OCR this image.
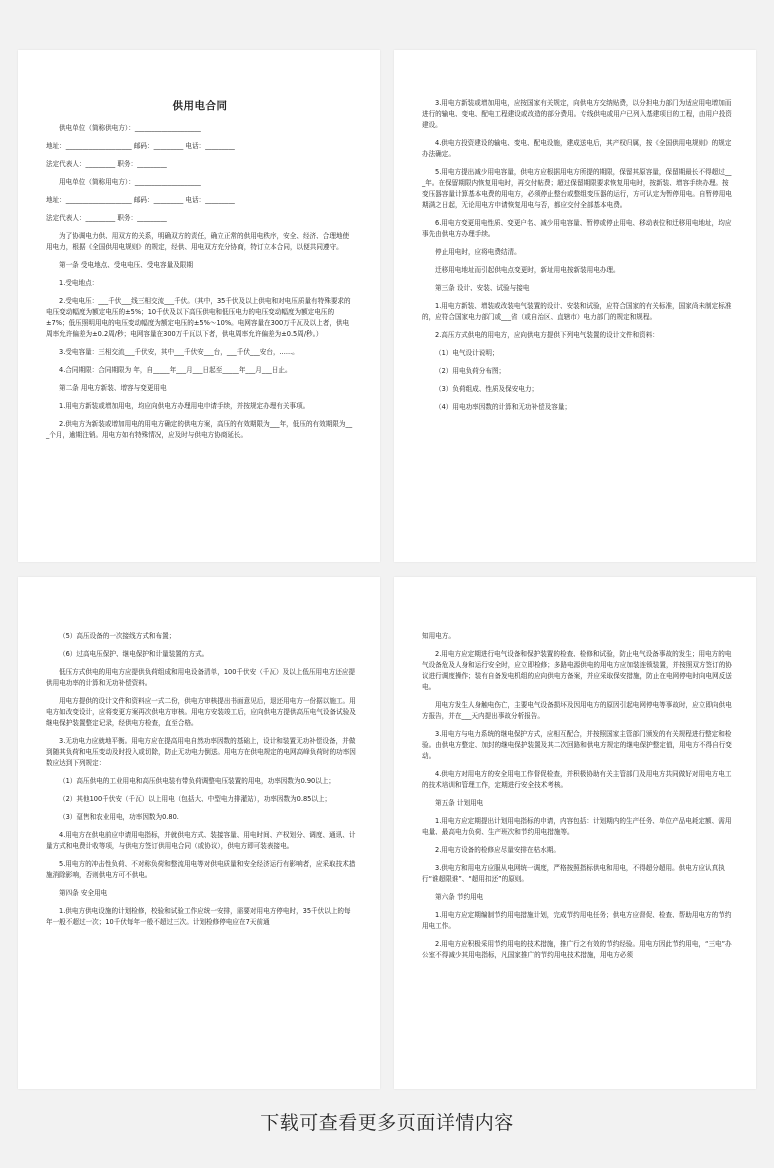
供用电合同

供电单位（简称供电方）：____________________

地址：____________________ 邮码：_________ 电话：_________

法定代表人：_________ 职务：_________

用电单位（简称用电方）：____________________

地址：____________________ 邮码：_________ 电话：_________

法定代表人：_________ 职务：_________

为了协调电力供、用双方的关系，明确双方的责任，确立正常的供用电秩序，安全、经济、合理地使用电力，根据《全国供用电规则》的规定，经供、用电双方充分协商，特订立本合同，以便共同遵守。

第一条 受电地点、受电电压、受电容量及限期

1.受电地点：

2.受电电压：___千伏___线三相交流___千伏。（其中，35千伏及以上供电和对电压质量有特殊要求的电压变动幅度为额定电压的±5%；10千伏及以下高压供电和低压电力的电压变动幅度为额定电压的±7%；低压照明用电的电压变动幅度为额定电压的±5%～10%。电网容量在300万千瓦及以上者，供电周率允许偏差为±0.2周/秒；电网容量在300万千瓦以下者，供电周率允许偏差为±0.5周/秒。）

3.受电容量：三相交流___千伏安，其中___千伏安___台，___千伏___安台，......。

4.合同期限：合同期限为 年，自_____年___月___日起至_____年___月___日止。

第二条 用电方新装、增容与变更用电

1.用电方新装或增加用电，均应向供电方办理用电申请手续，并按规定办理有关事项。

2.供电方为新装或增加用电的用电方确定的供电方案，高压的有效期限为___年，低压的有效期限为___个月，逾期注销。用电方如有特殊情况，应及时与供电方协商延长。

3.用电方新装或增加用电，应按国家有关规定，向供电方交纳贴费，以分担电力部门为适应用电增加而进行的输电、变电、配电工程建设或改造的部分费用。专线供电或用户已列入基建项目的工程，由用户投资建设。

4.供电方投资建设的输电、变电、配电设施，建成送电后，其产权归属，按《全国供用电规则》的规定办法确定。

5.用电方提出减少用电容量，供电方应根据用电方所提的期限，保留其原容量，保留期最长不得超过___年。在保留期限内恢复用电时，再交付帖费；超过保留期限要求恢复用电时，按新装、增容手续办理。按变压器容量计算基本电费的用电方，必须停止整台或整组变压器的运行，方可认定为暂停用电。自暂停用电期满之日起，无论用电方申请恢复用电与否，都应交付全部基本电费。

6.用电方变更用电性质、变更户名、减少用电容量、暂停或停止用电、移动表位和迁移用电地址，均应事先由供电方办理手续。

停止用电时，应将电费结清。

迁移用电地址而引起供电点变更时，新址用电按新装用电办理。

第三条 设计、安装、试验与接电

1.用电方新装、增装或改装电气装置的设计、安装和试验，应符合国家的有关标准，国家尚未制定标准的，应符合国家电力部门或___省（或自治区、直辖市）电力部门的规定和规程。

2.高压方式供电的用电方，应向供电方提供下列电气装置的设计文件和资料：

（1）电气设计说明；

（2）用电负荷分布图；

（3）负荷组成、性质及保安电力；

（4）用电功率因数的计算和无功补偿及容量；

（5）高压设备的一次接线方式和布置；

（6）过高电压保护、继电保护和计量装置的方式。

低压方式供电的用电方应提供负荷组成和用电设备清单，100千伏安（千瓦）及以上低压用电方还应提供用电功率的计算和无功补偿资料。

用电方提供的设计文件和资料应一式二份，供电方审核提出书面意见后，退还用电方一份据以施工。用电方如改变设计，应将变更方案再次供电方审核。用电方安装竣工后，应向供电方提供高压电气设备试验及继电保护装置整定记录，经供电方检查，直至合格。

3.无功电力应就地平衡。用电方应在提高用电自然功率因数的基础上，设计和装置无功补偿设备，并做到随其负荷和电压变动及时投入或切除，防止无功电力倒送。用电方在供电规定的电网高峰负荷时的功率因数应达到下列规定：

（1）高压供电的工业用电和高压供电装有带负荷调整电压装置的用电，功率因数为0.90以上；

（2）其他100千伏安（千瓦）以上用电（包括大、中型电力排灌站），功率因数为0.85以上；

（3）趸售和农业用电，功率因数为0.80.

4.用电方在供电前应申请用电指标，并就供电方式、装接容量、用电时间、产权划分、调度、通讯、计量方式和电费计收等项，与供电方签订供用电合同（或协议），供电方即可装表接电。

5.用电方的冲击性负荷、不对称负荷和整流用电等对供电质量和安全经济运行有影响者，应采取技术措施消除影响，否则供电方可不供电。

第四条 安全用电

1.供电方供电设施的计划检修，校验和试验工作应统一安排，需要对用电方停电时，35千伏以上的每年一般不超过一次；10千伏每年一般不超过三次。计划检修停电应在7天前通

知用电方。

2.用电方应定期进行电气设备和保护装置的检查、检修和试验，防止电气设备事故的发生；用电方的电气设备危及人身和运行安全时，应立即检修；多路电源供电的用电方应加装连锁装置，并按照双方签订的协议进行调度操作；装有自备发电机组的应向供电方备案，并应采取保安措施，防止在电网停电时向电网反送电。

用电方发生人身触电伤亡，主要电气设备损坏及因用电方的原因引起电网停电等事故时，应立即向供电方报告，并在___天内提出事故分析报告。

3.用电方与电力系统的继电保护方式，应相互配合，并按照国家主管部门颁发的有关规程进行整定和检验。由供电方整定、加封的继电保护装置及其二次回路和供电方规定的继电保护整定值，用电方不得自行变动。

4.供电方对用电方的安全用电工作督促检查，并积极协助有关主管部门及用电方共同做好对用电方电工的技术培训和管理工作，定期进行安全技术考核。

第五条 计划用电

1.用电方应定期提出计划用电指标的申请，内容包括：计划期内的生产任务、单位产品电耗定额、需用电量、最高电力负荷、生产班次和节约用电措施等。

2.用电方设备的检修应尽量安排在枯水期。

3.供电方和用电方应服从电网统一调度，严格按照指标供电和用电，不得超分超用。供电方应认真执行“谁超限谁”、“超用扣还”的原则。

第六条 节约用电

1.用电方应定期编制节约用电措施计划，完成节约用电任务；供电方应督促、检查、帮助用电方的节约用电工作。

2.用电方应积极采用节约用电的技术措施，推广行之有效的节约经验。用电方因此节约用电，“三电”办公室不得减少其用电指标，凡国家推广的节约用电技术措施，用电方必须

下载可查看更多页面详情内容
